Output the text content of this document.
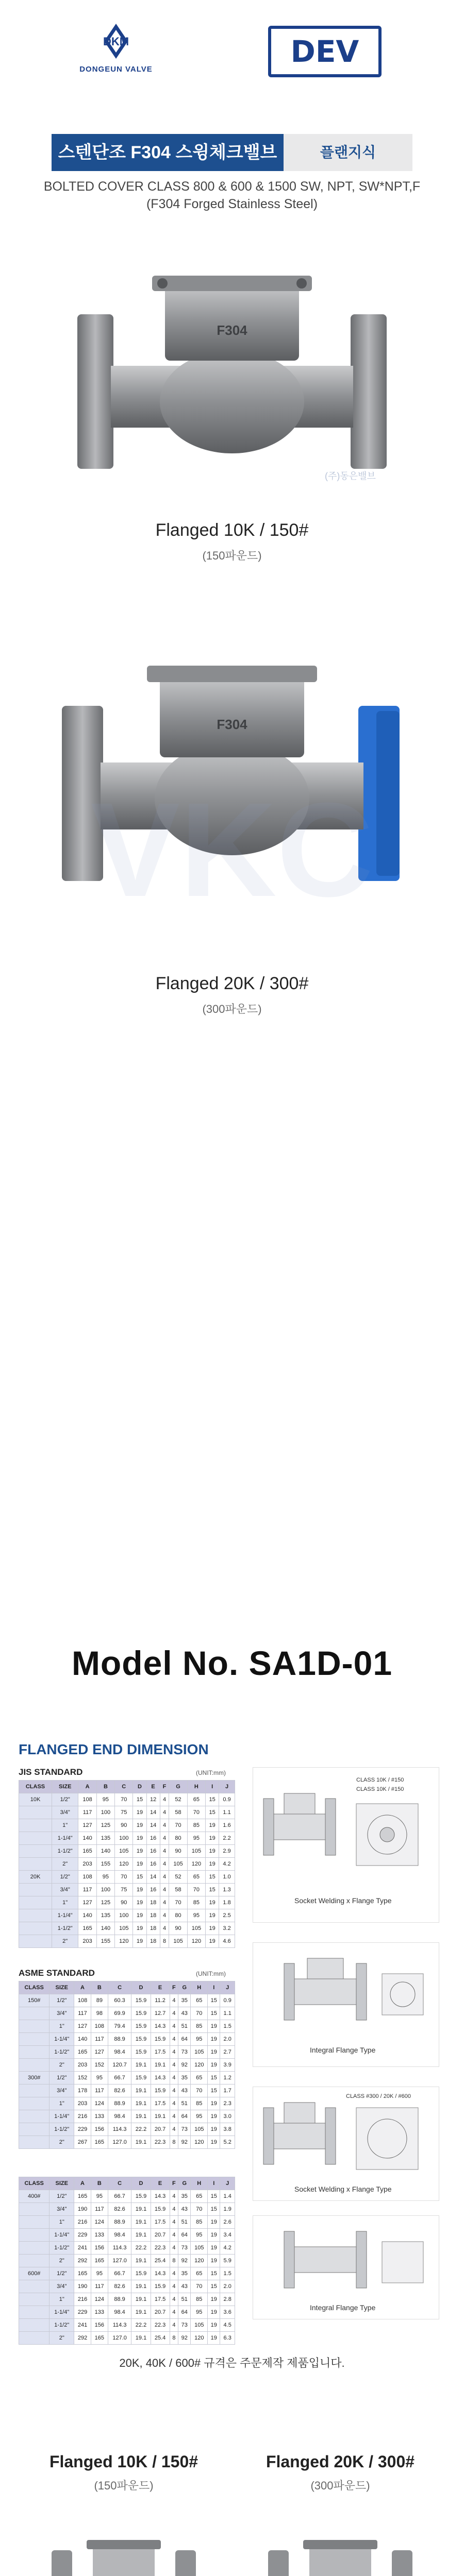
DKM
DONGEUN VALVE
DEV
스텐단조 F304 스윙체크밸브	플랜지식
BOLTED COVER CLASS 800 & 600 & 1500 SW, NPT, SW*NPT,F
(F304 Forged Stainless Steel)
F304
(주)동은밸브
Flanged 10K / 150#
(150파운드)
F304
Flanged 20K / 300#
(300파운드)
VKC
Model No. SA1D-01
FLANGED END DIMENSION
JIS STANDARD	(UNIT:mm)
CLASS	SIZE	A	B	C	D	E	F	G	H	I	J
10K	1/2"	108	95	70	15	12	4	52	65	15	0.9
	3/4"	117	100	75	19	14	4	58	70	15	1.1
	1"	127	125	90	19	14	4	70	85	19	1.6
	1-1/4"	140	135	100	19	16	4	80	95	19	2.2
	1-1/2"	165	140	105	19	16	4	90	105	19	2.9
	2"	203	155	120	19	16	4	105	120	19	4.2
20K	1/2"	108	95	70	15	14	4	52	65	15	1.0
	3/4"	117	100	75	19	16	4	58	70	15	1.3
	1"	127	125	90	19	18	4	70	85	19	1.8
	1-1/4"	140	135	100	19	18	4	80	95	19	2.5
	1-1/2"	165	140	105	19	18	4	90	105	19	3.2
	2"	203	155	120	19	18	8	105	120	19	4.6
ASME STANDARD	(UNIT:mm)
CLASS	SIZE	A	B	C	D	E	F	G	H	I	J
150#	1/2"	108	89	60.3	15.9	11.2	4	35	65	15	0.9
	3/4"	117	98	69.9	15.9	12.7	4	43	70	15	1.1
	1"	127	108	79.4	15.9	14.3	4	51	85	19	1.5
	1-1/4"	140	117	88.9	15.9	15.9	4	64	95	19	2.0
	1-1/2"	165	127	98.4	15.9	17.5	4	73	105	19	2.7
	2"	203	152	120.7	19.1	19.1	4	92	120	19	3.9
300#	1/2"	152	95	66.7	15.9	14.3	4	35	65	15	1.2
	3/4"	178	117	82.6	19.1	15.9	4	43	70	15	1.7
	1"	203	124	88.9	19.1	17.5	4	51	85	19	2.3
	1-1/4"	216	133	98.4	19.1	19.1	4	64	95	19	3.0
	1-1/2"	229	156	114.3	22.2	20.7	4	73	105	19	3.8
	2"	267	165	127.0	19.1	22.3	8	92	120	19	5.2
CLASS	SIZE	A	B	C	D	E	F	G	H	I	J
400#	1/2"	165	95	66.7	15.9	14.3	4	35	65	15	1.4
	3/4"	190	117	82.6	19.1	15.9	4	43	70	15	1.9
	1"	216	124	88.9	19.1	17.5	4	51	85	19	2.6
	1-1/4"	229	133	98.4	19.1	20.7	4	64	95	19	3.4
	1-1/2"	241	156	114.3	22.2	22.3	4	73	105	19	4.2
	2"	292	165	127.0	19.1	25.4	8	92	120	19	5.9
600#	1/2"	165	95	66.7	15.9	14.3	4	35	65	15	1.5
	3/4"	190	117	82.6	19.1	15.9	4	43	70	15	2.0
	1"	216	124	88.9	19.1	17.5	4	51	85	19	2.8
	1-1/4"	229	133	98.4	19.1	20.7	4	64	95	19	3.6
	1-1/2"	241	156	114.3	22.2	22.3	4	73	105	19	4.5
	2"	292	165	127.0	19.1	25.4	8	92	120	19	6.3
CLASS 10K / #150
CLASS 10K / #150
Socket Welding x Flange Type
Integral Flange Type
CLASS #300 / 20K / #600
Socket Welding x Flange Type
Integral Flange Type
20K, 40K / 600# 규격은 주문제작 제품입니다.
Flanged 10K / 150#
(150파운드)
Flanged 20K / 300#
(300파운드)
